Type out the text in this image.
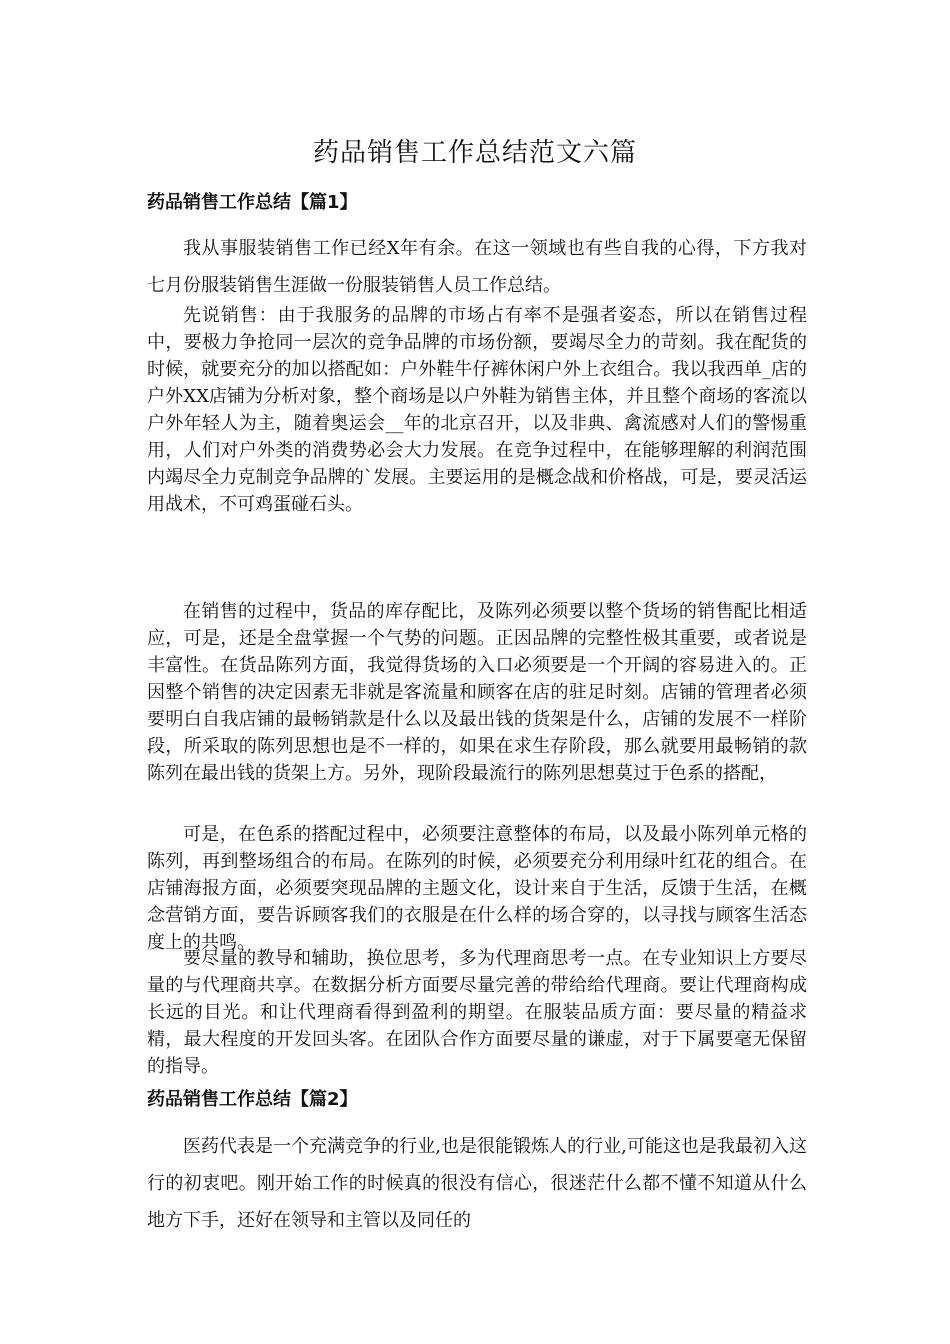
药品销售工作总结范文六篇
药品销售工作总结【篇1】

我从事服装销售工作已经X年有余。在这一领域也有些自我的心得，下方我对七月份服装销售生涯做一份服装销售人员工作总结。

先说销售：由于我服务的品牌的市场占有率不是强者姿态，所以在销售过程中，要极力争抢同一层次的竞争品牌的市场份额，要竭尽全力的苛刻。我在配货的时候，就要充分的加以搭配如：户外鞋牛仔裤休闲户外上衣组合。我以我西单_店的户外XX店铺为分析对象，整个商场是以户外鞋为销售主体，并且整个商场的客流以户外年轻人为主，随着奥运会__年的北京召开，以及非典、禽流感对人们的警惕重用，人们对户外类的消费势必会大力发展。在竞争过程中，在能够理解的利润范围内竭尽全力克制竞争品牌的`发展。主要运用的是概念战和价格战，可是，要灵活运用战术，不可鸡蛋碰石头。

在销售的过程中，货品的库存配比，及陈列必须要以整个货场的销售配比相适应，可是，还是全盘掌握一个气势的问题。正因品牌的完整性极其重要，或者说是丰富性。在货品陈列方面，我觉得货场的入口必须要是一个开阔的容易进入的。正因整个销售的决定因素无非就是客流量和顾客在店的驻足时刻。店铺的管理者必须要明白自我店铺的最畅销款是什么以及最出钱的货架是什么，店铺的发展不一样阶段，所采取的陈列思想也是不一样的，如果在求生存阶段，那么就要用最畅销的款陈列在最出钱的货架上方。另外，现阶段最流行的陈列思想莫过于色系的搭配，

可是，在色系的搭配过程中，必须要注意整体的布局，以及最小陈列单元格的陈列，再到整场组合的布局。在陈列的时候，必须要充分利用绿叶红花的组合。在店铺海报方面，必须要突现品牌的主题文化，设计来自于生活，反馈于生活，在概念营销方面，要告诉顾客我们的衣服是在什么样的场合穿的，以寻找与顾客生活态度上的共鸣。

要尽量的教导和辅助，换位思考，多为代理商思考一点。在专业知识上方要尽量的与代理商共享。在数据分析方面要尽量完善的带给给代理商。要让代理商构成长远的目光。和让代理商看得到盈利的期望。在服装品质方面：要尽量的精益求精，最大程度的开发回头客。在团队合作方面要尽量的谦虚，对于下属要毫无保留的指导。

药品销售工作总结【篇2】

医药代表是一个充满竞争的行业,也是很能锻炼人的行业,可能这也是我最初入这行的初衷吧。刚开始工作的时候真的很没有信心，很迷茫什么都不懂不知道从什么地方下手，还好在领导和主管以及同任的
